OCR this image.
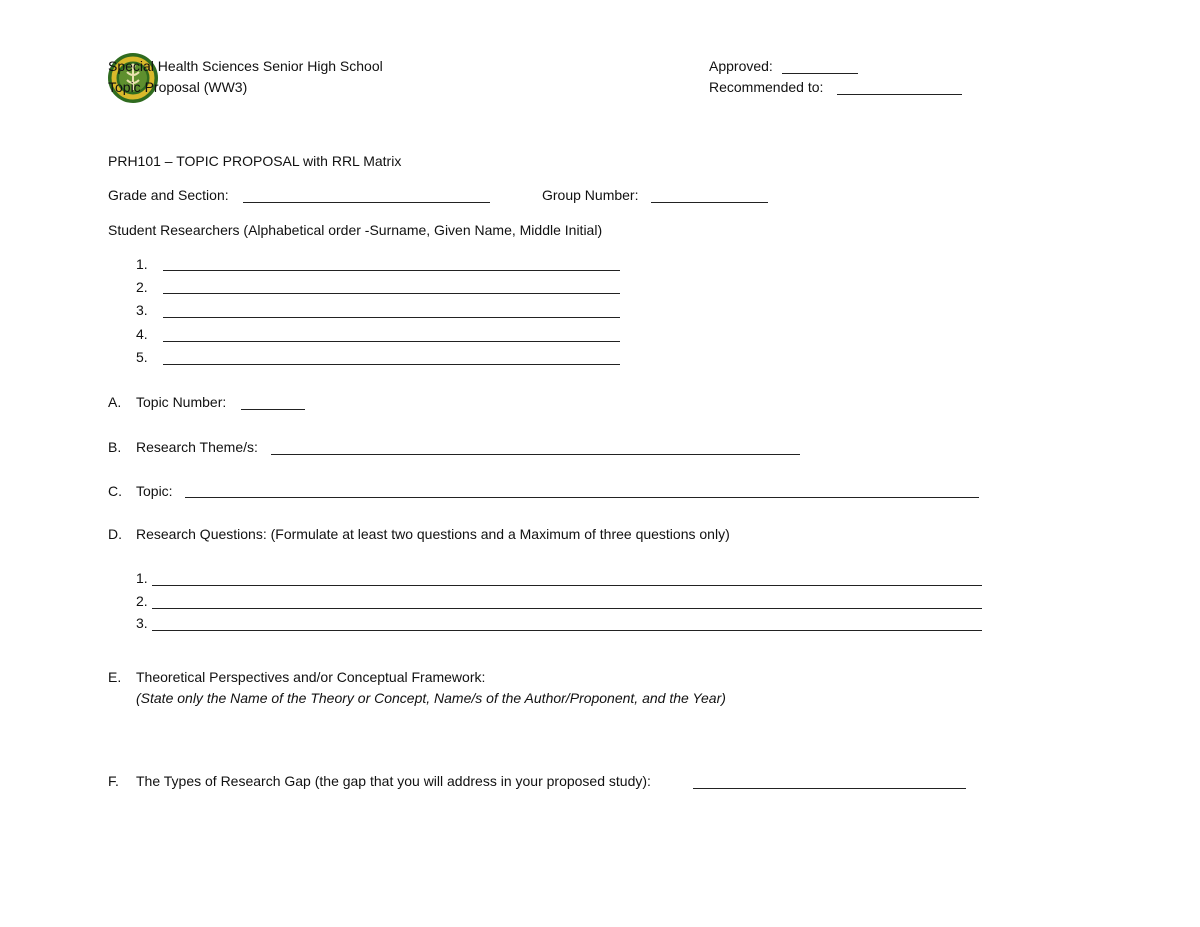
Special Health Sciences Senior High School
Topic Proposal (WW3)
Approved:
Recommended to:
PRH101 – TOPIC PROPOSAL with RRL Matrix
Grade and Section:	Group Number:
Student Researchers (Alphabetical order -Surname, Given Name, Middle Initial)
1.
2.
3.
4.
5.
A. Topic Number:
B. Research Theme/s:
C. Topic:
D. Research Questions: (Formulate at least two questions and a Maximum of three questions only)
1.
2.
3.
E. Theoretical Perspectives and/or Conceptual Framework:
(State only the Name of the Theory or Concept, Name/s of the Author/Proponent, and the Year)
F. The Types of Research Gap (the gap that you will address in your proposed study):
